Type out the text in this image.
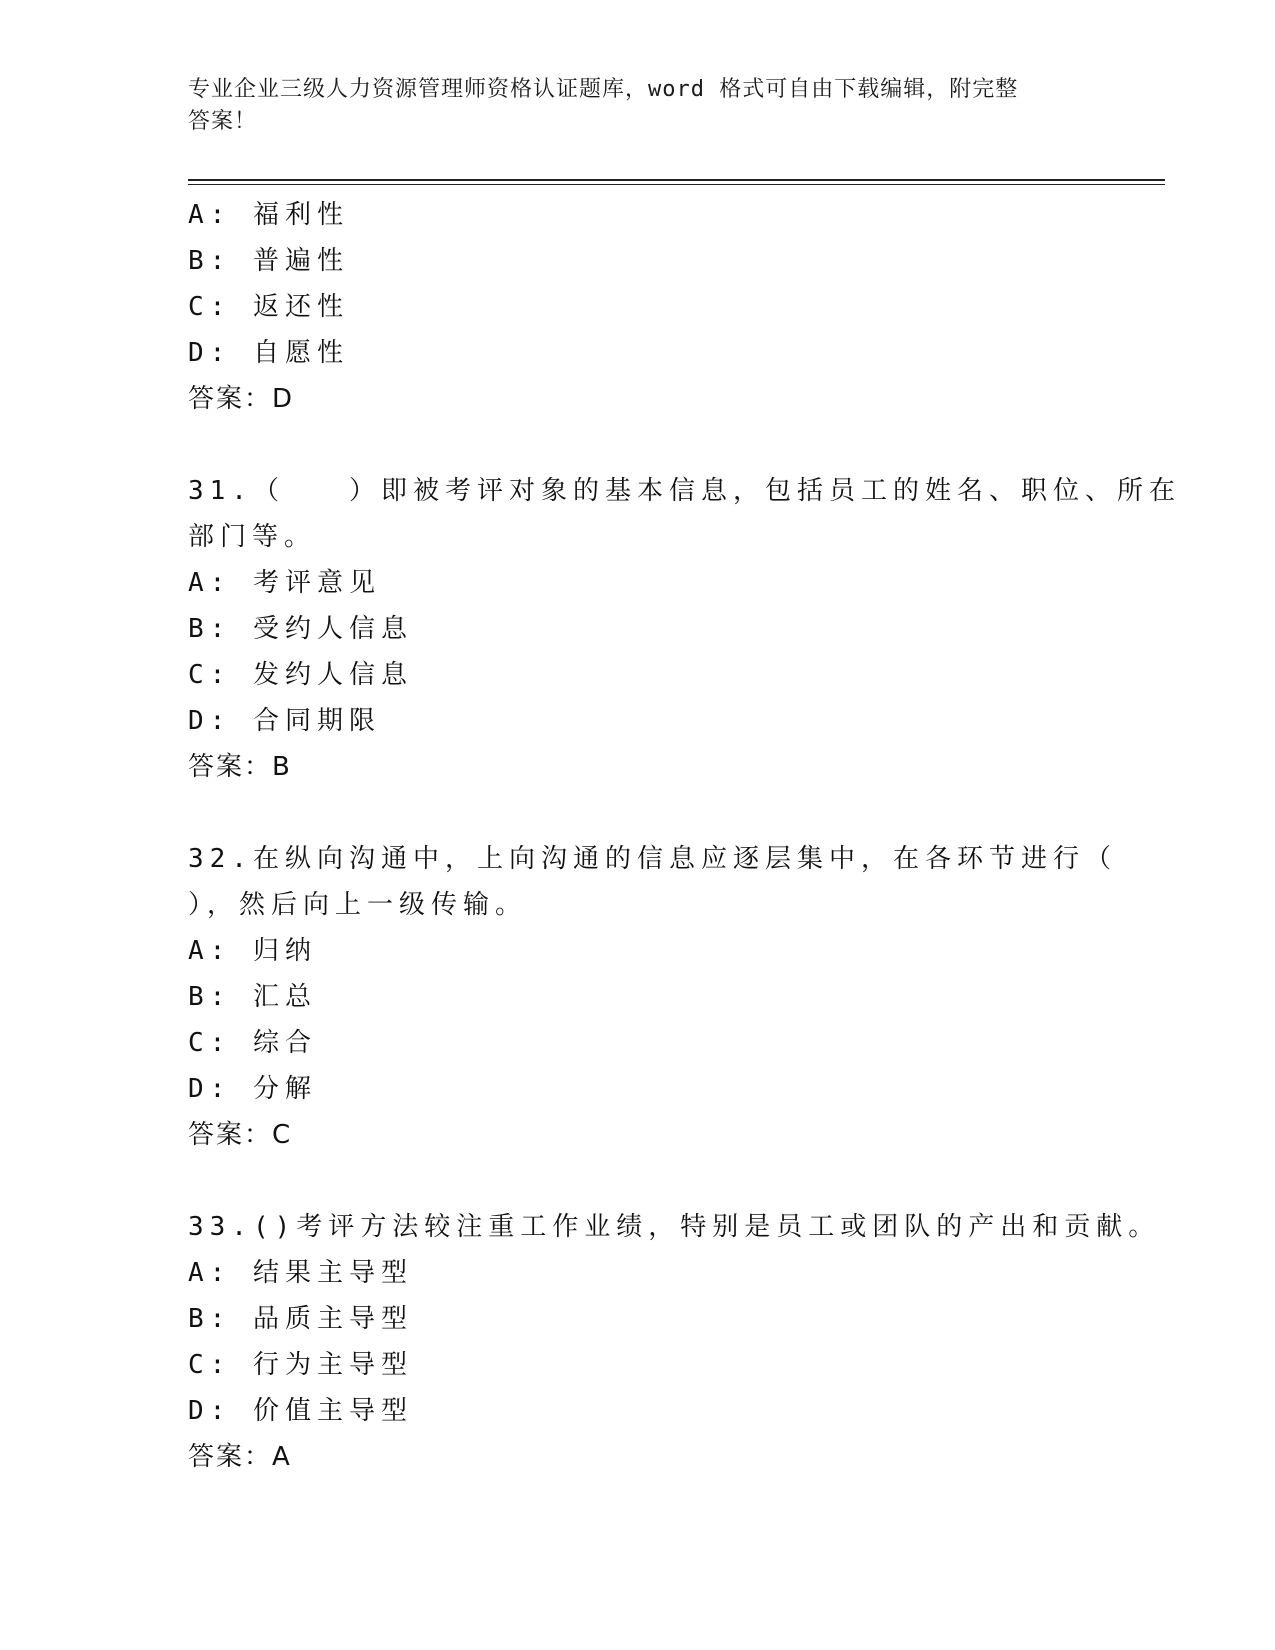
专业企业三级人力资源管理师资格认证题库，word 格式可自由下载编辑，附完整
答案！
A: 福利性
B: 普遍性
C: 返还性
D: 自愿性
答案：D
31.（　　）即被考评对象的基本信息，包括员工的姓名、职位、所在
部门等。
A: 考评意见
B: 受约人信息
C: 发约人信息
D: 合同期限
答案：B
32.在纵向沟通中，上向沟通的信息应逐层集中，在各环节进行（
），然后向上一级传输。
A: 归纳
B: 汇总
C: 综合
D: 分解
答案：C
33.()考评方法较注重工作业绩，特别是员工或团队的产出和贡献。
A: 结果主导型
B: 品质主导型
C: 行为主导型
D: 价值主导型
答案：A
